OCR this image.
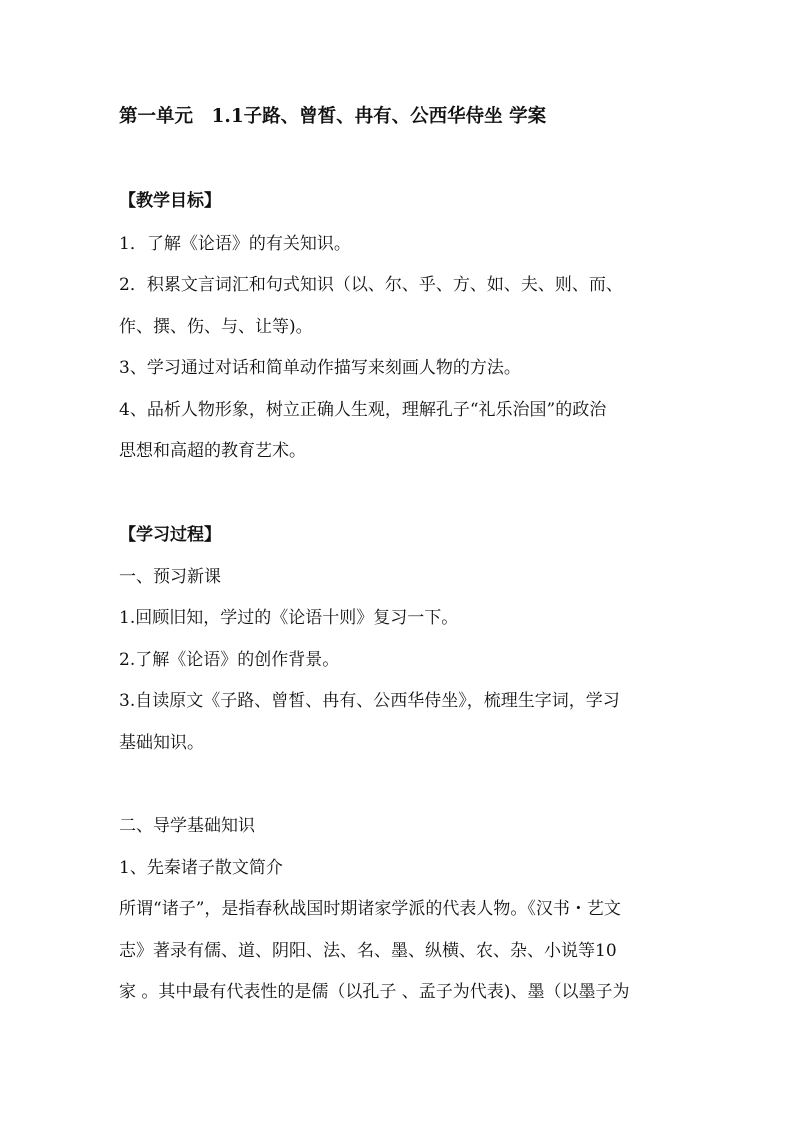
第一单元　1.1子路、曾皙、冉有、公西华侍坐 学案
【教学目标】
1．了解《论语》的有关知识。
2．积累文言词汇和句式知识（以、尔、乎、方、如、夫、则、而、
作、撰、伤、与、让等)。
3、学习通过对话和简单动作描写来刻画人物的方法。
4、品析人物形象，树立正确人生观，理解孔子“礼乐治国”的政治
思想和高超的教育艺术。
【学习过程】
一、预习新课
1.回顾旧知，学过的《论语十则》复习一下。
2.了解《论语》的创作背景。
3.自读原文《子路、曾皙、冉有、公西华侍坐》，梳理生字词，学习
基础知识。
二、导学基础知识
1、先秦诸子散文简介
所谓“诸子”，是指春秋战国时期诸家学派的代表人物。《汉书・艺文
志》著录有儒、道、阴阳、法、名、墨、纵横、农、杂、小说等10
家 。其中最有代表性的是儒（以孔子 、孟子为代表)、墨（以墨子为
